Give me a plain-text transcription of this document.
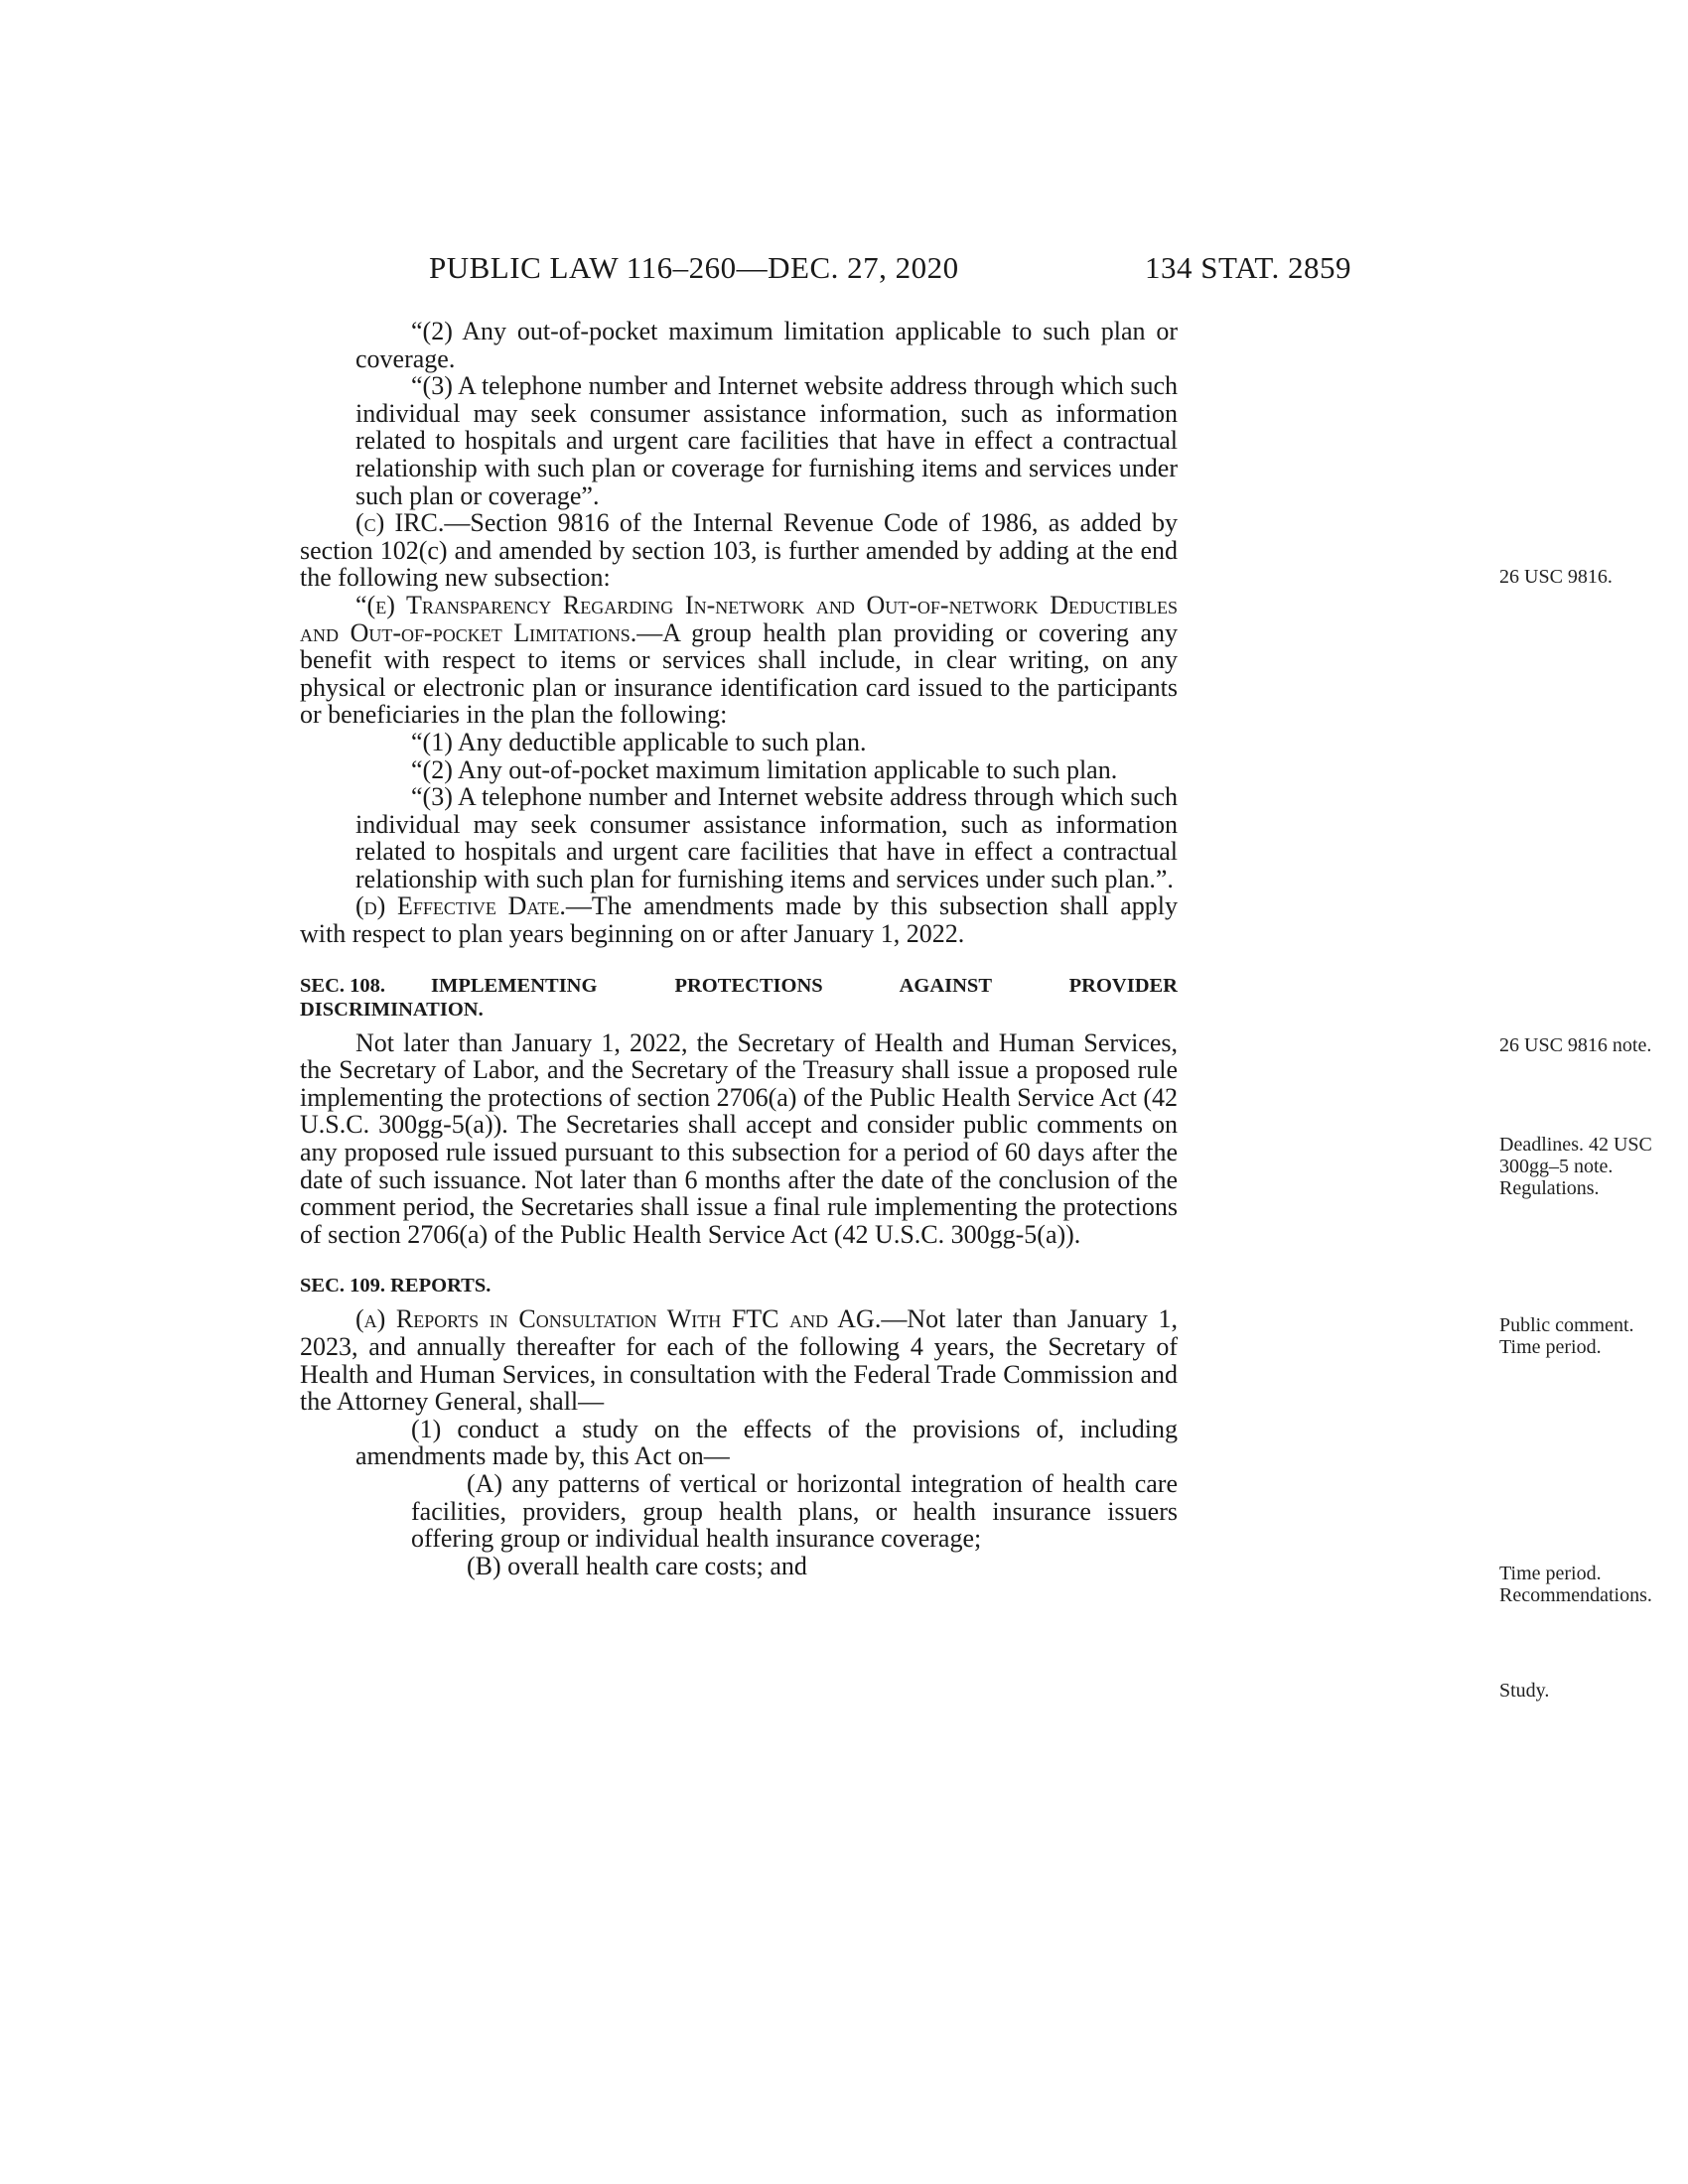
PUBLIC LAW 116–260—DEC. 27, 2020	134 STAT. 2859

“(2) Any out-of-pocket maximum limitation applicable to such plan or coverage.

“(3) A telephone number and Internet website address through which such individual may seek consumer assistance information, such as information related to hospitals and urgent care facilities that have in effect a contractual relationship with such plan or coverage for furnishing items and services under such plan or coverage”.

(c) IRC.—Section 9816 of the Internal Revenue Code of 1986, as added by section 102(c) and amended by section 103, is further amended by adding at the end the following new subsection:

“(e) Transparency Regarding In-network and Out-of-network Deductibles and Out-of-pocket Limitations.—A group health plan providing or covering any benefit with respect to items or services shall include, in clear writing, on any physical or electronic plan or insurance identification card issued to the participants or beneficiaries in the plan the following:

“(1) Any deductible applicable to such plan.

“(2) Any out-of-pocket maximum limitation applicable to such plan.

“(3) A telephone number and Internet website address through which such individual may seek consumer assistance information, such as information related to hospitals and urgent care facilities that have in effect a contractual relationship with such plan for furnishing items and services under such plan.”.

(d) Effective Date.—The amendments made by this subsection shall apply with respect to plan years beginning on or after January 1, 2022.

SEC. 108.	IMPLEMENTING PROTECTIONS AGAINST PROVIDER
DISCRIMINATION.

Not later than January 1, 2022, the Secretary of Health and Human Services, the Secretary of Labor, and the Secretary of the Treasury shall issue a proposed rule implementing the protections of section 2706(a) of the Public Health Service Act (42 U.S.C. 300gg-5(a)). The Secretaries shall accept and consider public comments on any proposed rule issued pursuant to this subsection for a period of 60 days after the date of such issuance. Not later than 6 months after the date of the conclusion of the comment period, the Secretaries shall issue a final rule implementing the protections of section 2706(a) of the Public Health Service Act (42 U.S.C. 300gg-5(a)).

SEC. 109. REPORTS.

(a) Reports in Consultation With FTC and AG.—Not later than January 1, 2023, and annually thereafter for each of the following 4 years, the Secretary of Health and Human Services, in consultation with the Federal Trade Commission and the Attorney General, shall—

(1) conduct a study on the effects of the provisions of, including amendments made by, this Act on—

(A) any patterns of vertical or horizontal integration of health care facilities, providers, group health plans, or health insurance issuers offering group or individual health insurance coverage;

(B) overall health care costs; and

26 USC 9816.
26 USC 9816 note.
Deadlines. 42 USC 300gg–5 note. Regulations.
Public comment. Time period.
Time period. Recommendations.
Study.
